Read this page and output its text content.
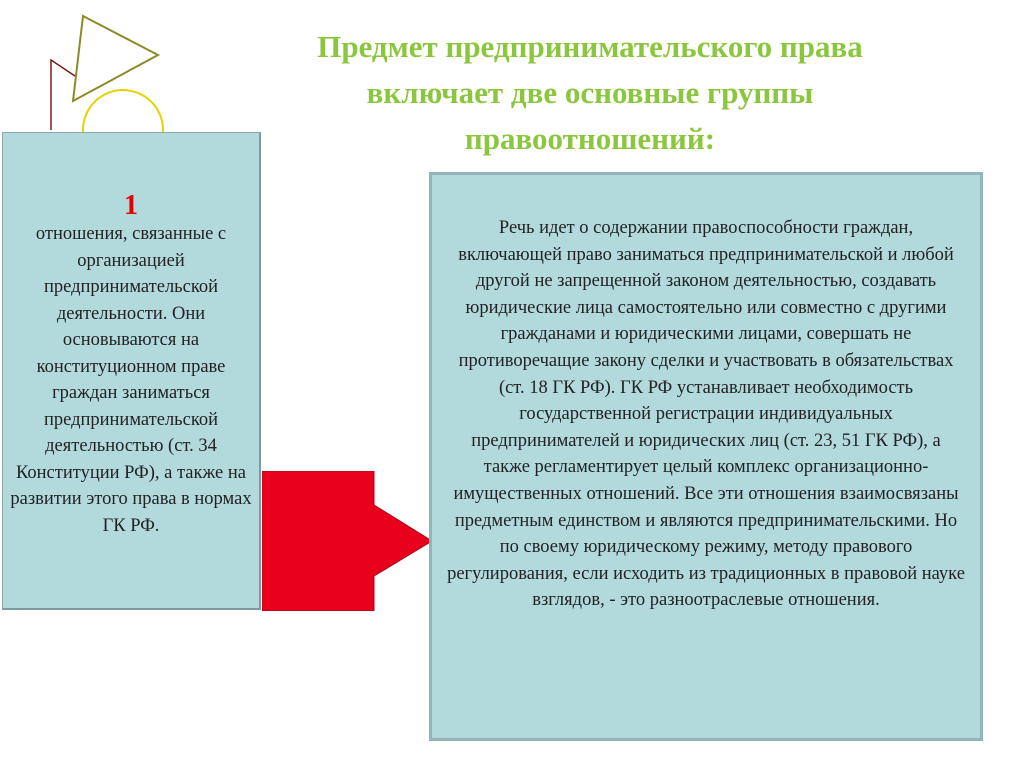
Предмет предпринимательского права
включает две основные группы
правоотношений:
1
отношения, связанные с организацией предпринимательской деятельности. Они основываются на конституционном праве граждан заниматься предпринимательской деятельностью (ст. 34 Конституции РФ), а также на развитии этого права в нормах ГК РФ.
Речь идет о содержании правоспособности граждан, включающей право заниматься предпринимательской и любой другой не запрещенной законом деятельностью, создавать юридические лица самостоятельно или совместно с другими гражданами и юридическими лицами, совершать не противоречащие закону сделки и участвовать в обязательствах (ст. 18 ГК РФ). ГК РФ устанавливает необходимость государственной регистрации индивидуальных предпринимателей и юридических лиц (ст. 23, 51 ГК РФ), а также регламентирует целый комплекс организационно-имущественных отношений. Все эти отношения взаимосвязаны предметным единством и являются предпринимательскими. Но по своему юридическому режиму, методу правового регулирования, если исходить из традиционных в правовой науке взглядов, - это разноотраслевые отношения.
